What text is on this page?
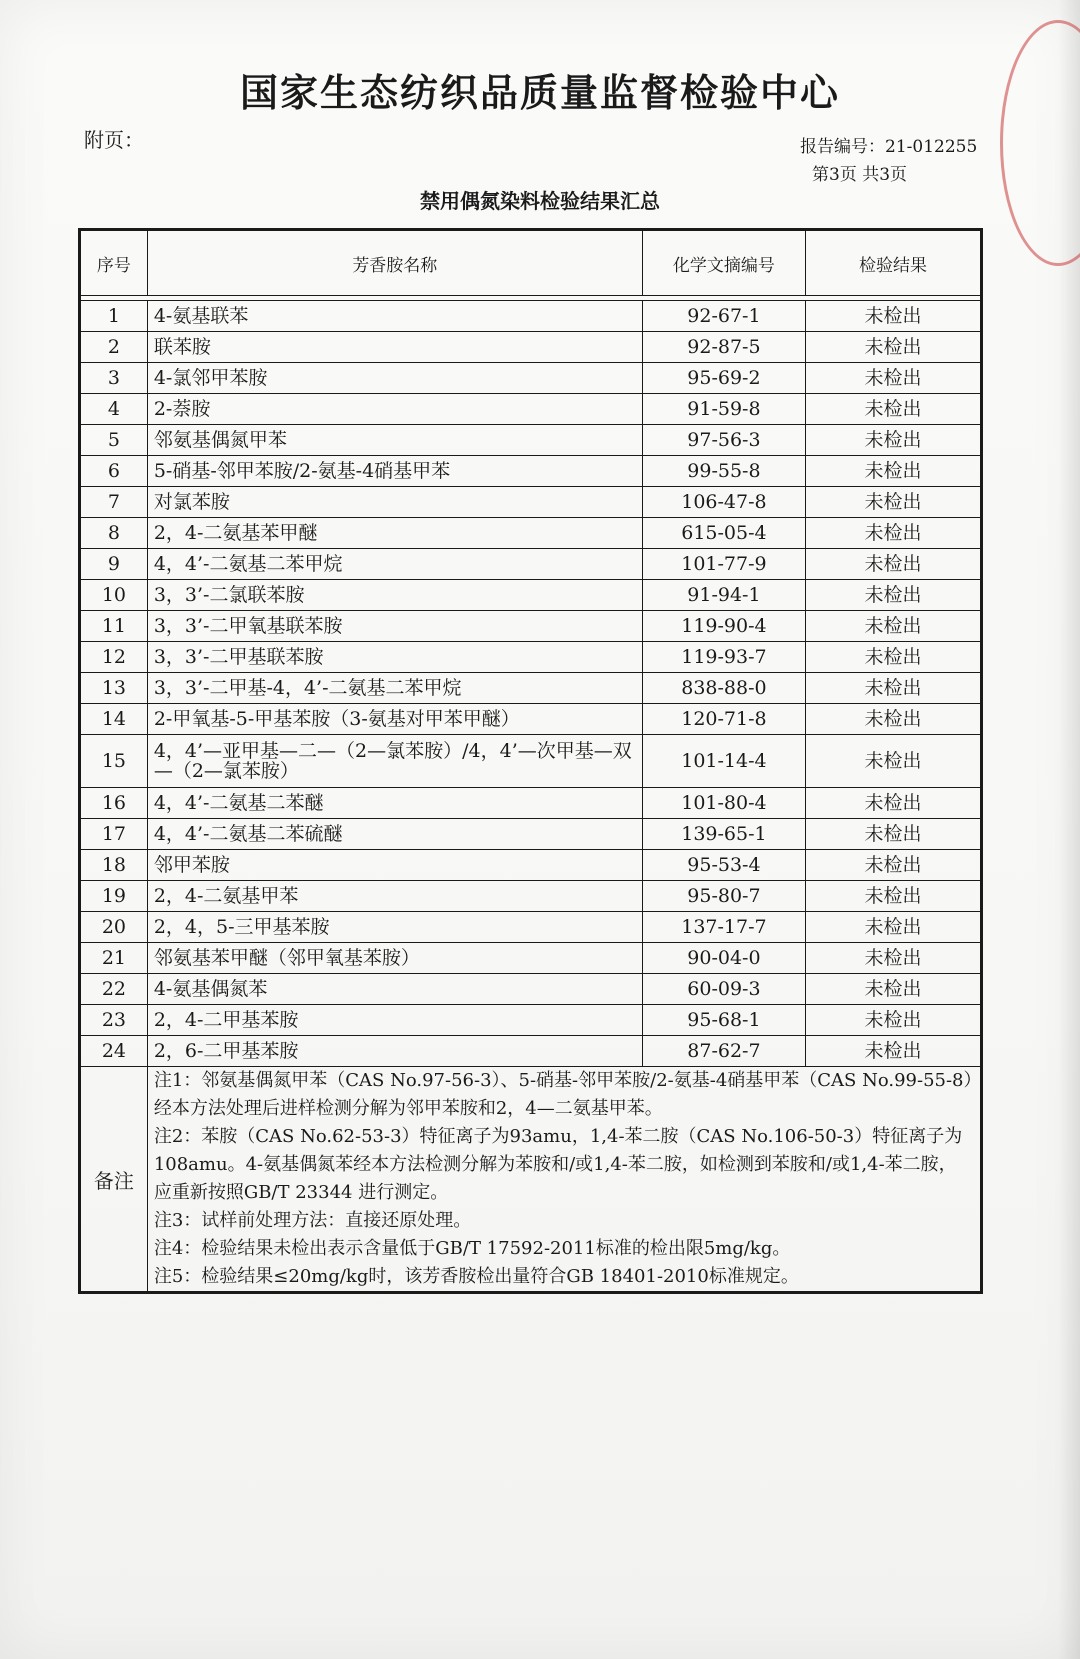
国家生态纺织品质量监督检验中心
附页：	报告编号：21-012255
第3页 共3页
禁用偶氮染料检验结果汇总
序号	芳香胺名称	化学文摘编号	检验结果

1	4-氨基联苯	92-67-1	未检出
2	联苯胺	92-87-5	未检出
3	4-氯邻甲苯胺	95-69-2	未检出
4	2-萘胺	91-59-8	未检出
5	邻氨基偶氮甲苯	97-56-3	未检出
6	5-硝基-邻甲苯胺/2-氨基-4硝基甲苯	99-55-8	未检出
7	对氯苯胺	106-47-8	未检出
8	2，4-二氨基苯甲醚	615-05-4	未检出
9	4，4’-二氨基二苯甲烷	101-77-9	未检出
10	3，3’-二氯联苯胺	91-94-1	未检出
11	3，3’-二甲氧基联苯胺	119-90-4	未检出
12	3，3’-二甲基联苯胺	119-93-7	未检出
13	3，3’-二甲基-4，4’-二氨基二苯甲烷	838-88-0	未检出
14	2-甲氧基-5-甲基苯胺（3-氨基对甲苯甲醚）	120-71-8	未检出
15	4，4’—亚甲基—二—（2—氯苯胺）/4，4’—次甲基—双—（2—氯苯胺）	101-14-4	未检出
16	4，4’-二氨基二苯醚	101-80-4	未检出
17	4，4’-二氨基二苯硫醚	139-65-1	未检出
18	邻甲苯胺	95-53-4	未检出
19	2，4-二氨基甲苯	95-80-7	未检出
20	2，4，5-三甲基苯胺	137-17-7	未检出
21	邻氨基苯甲醚（邻甲氧基苯胺）	90-04-0	未检出
22	4-氨基偶氮苯	60-09-3	未检出
23	2，4-二甲基苯胺	95-68-1	未检出
24	2，6-二甲基苯胺	87-62-7	未检出
备注	注1：邻氨基偶氮甲苯（CAS No.97-56-3）、5-硝基-邻甲苯胺/2-氨基-4硝基甲苯（CAS No.99-55-8）经本方法处理后进样检测分解为邻甲苯胺和2，4—二氨基甲苯。
注2：苯胺（CAS No.62-53-3）特征离子为93amu，1,4-苯二胺（CAS No.106-50-3）特征离子为108amu。4-氨基偶氮苯经本方法检测分解为苯胺和/或1,4-苯二胺，如检测到苯胺和/或1,4-苯二胺，应重新按照GB/T 23344 进行测定。
注3：试样前处理方法：直接还原处理。
注4：检验结果未检出表示含量低于GB/T 17592-2011标准的检出限5mg/kg。
注5：检验结果≤20mg/kg时，该芳香胺检出量符合GB 18401-2010标准规定。		
